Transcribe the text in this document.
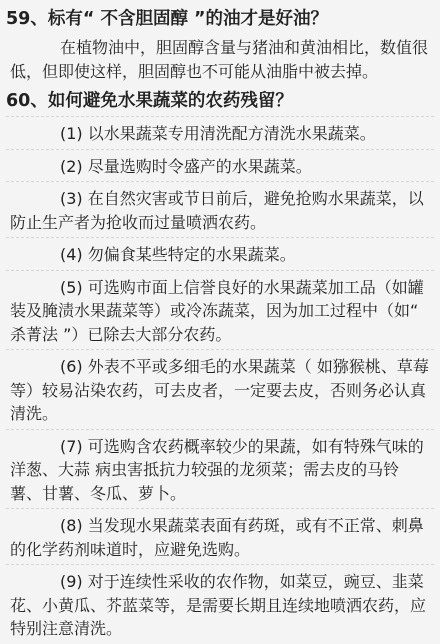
59、标有“ 不含胆固醇 ”的油才是好油？

在植物油中，胆固醇含量与猪油和黄油相比，数值很低，但即使这样，胆固醇也不可能从油脂中被去掉。

60、如何避免水果蔬菜的农药残留？

(1) 以水果蔬菜专用清洗配方清洗水果蔬菜。

(2) 尽量选购时令盛产的水果蔬菜。

(3) 在自然灾害或节日前后，避免抢购水果蔬菜，以防止生产者为抢收而过量喷洒农药。

(4) 勿偏食某些特定的水果蔬菜。

(5) 可选购市面上信誉良好的水果蔬菜加工品（如罐装及腌渍水果蔬菜等）或冷冻蔬菜，因为加工过程中（如“ 杀菁法 ”）已除去大部分农药。

(6) 外表不平或多细毛的水果蔬菜（ 如猕猴桃、草莓等）较易沾染农药，可去皮者，一定要去皮，否则务必认真清洗。

(7) 可选购含农药概率较少的果蔬，如有特殊气味的洋葱、大蒜 病虫害抵抗力较强的龙须菜；需去皮的马铃薯、甘薯、冬瓜、萝卜。

(8) 当发现水果蔬菜表面有药斑，或有不正常、刺鼻的化学药剂味道时，应避免选购。

(9) 对于连续性采收的农作物，如菜豆，豌豆、韭菜花、小黄瓜、芥蓝菜等，是需要长期且连续地喷洒农药，应特别注意清洗。
